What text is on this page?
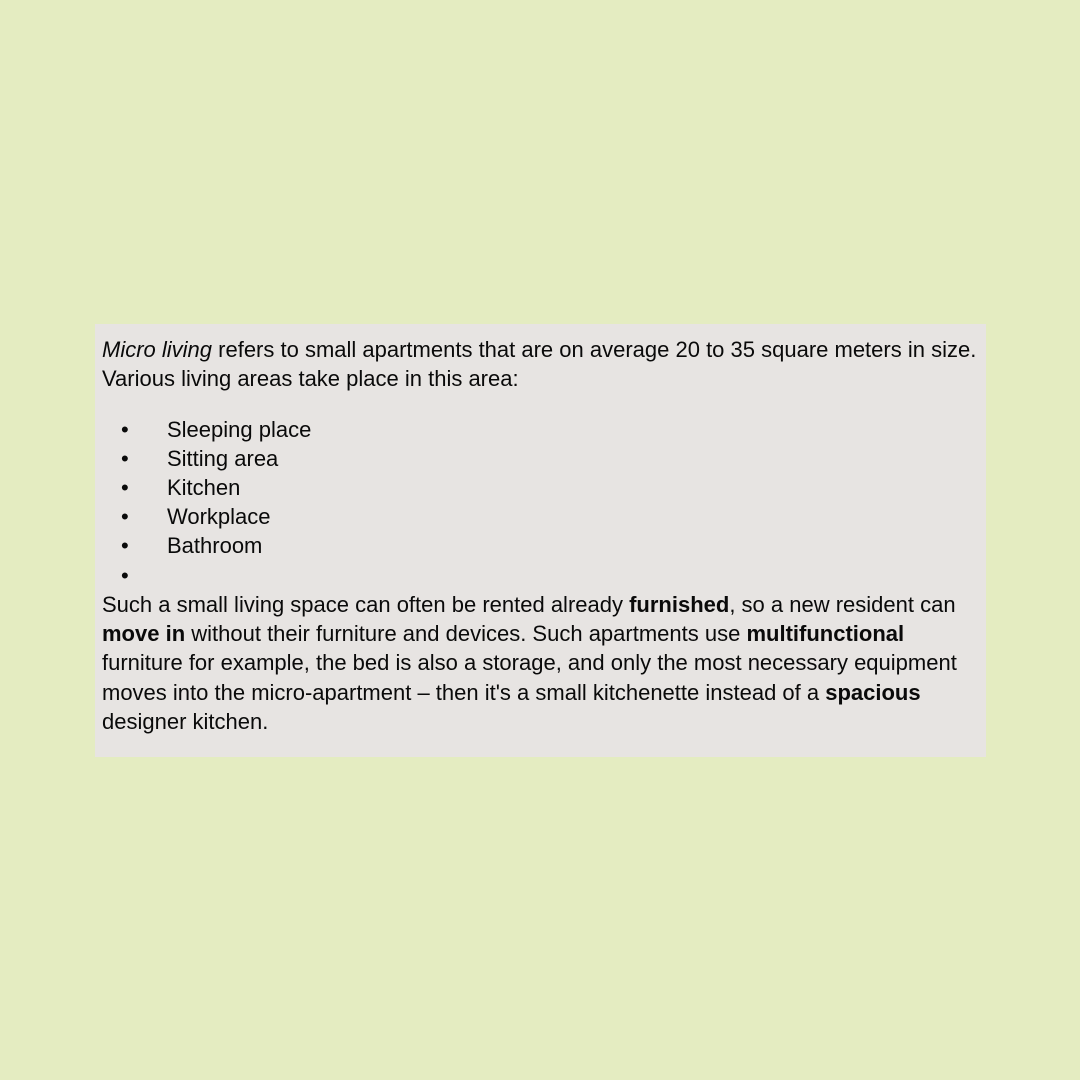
Micro living refers to small apartments that are on average 20 to 35 square meters in size. Various living areas take place in this area:

• Sleeping place
• Sitting area
• Kitchen
• Workplace
• Bathroom
•

Such a small living space can often be rented already furnished, so a new resident can move in without their furniture and devices. Such apartments use multifunctional furniture for example, the bed is also a storage, and only the most necessary equipment moves into the micro-apartment – then it's a small kitchenette instead of a spacious designer kitchen.
